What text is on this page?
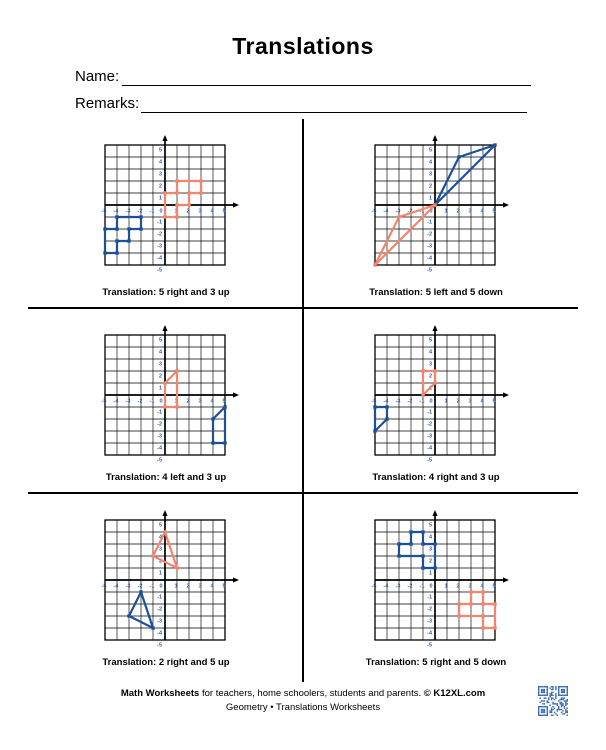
Translations
Name:
Remarks:
-5
-5
-4
-4
-3
-3
-2
-2
-1
-1
0 1
1
2
2
3
3
4
4
5
5
-5
-5
-4
-4
-3
-3
-2
-2
-1
-1
0 1
1
2
2
3
3
4
4
5
5
-5
-5
-4
-4
-3
-3
-2
-2
-1
-1
0 1
1
2
2
3
3
4
4
5
5
-5
-5
-4
-4
-3
-3
-2
-2
-1
-1
0 1
1
2
2
3
3
4
4
5
5
-5
-5
-4
-4
-3
-3
-2
-2
-1
-1
0 1
1
2
2
3
3
4
4
5
5
-5
-5
-4
-4
-3
-3
-2
-2
-1
-1
0 1
1
2
2
3
3
4
4
5
5
Translation: 5 right and 3 up	Translation: 5 left and 5 down
Translation: 4 left and 3 up	Translation: 4 right and 3 up
Translation: 2 right and 5 up	Translation: 5 right and 5 down
Math Worksheets for teachers, home schoolers, students and parents. © K12XL.com
Geometry • Translations Worksheets
